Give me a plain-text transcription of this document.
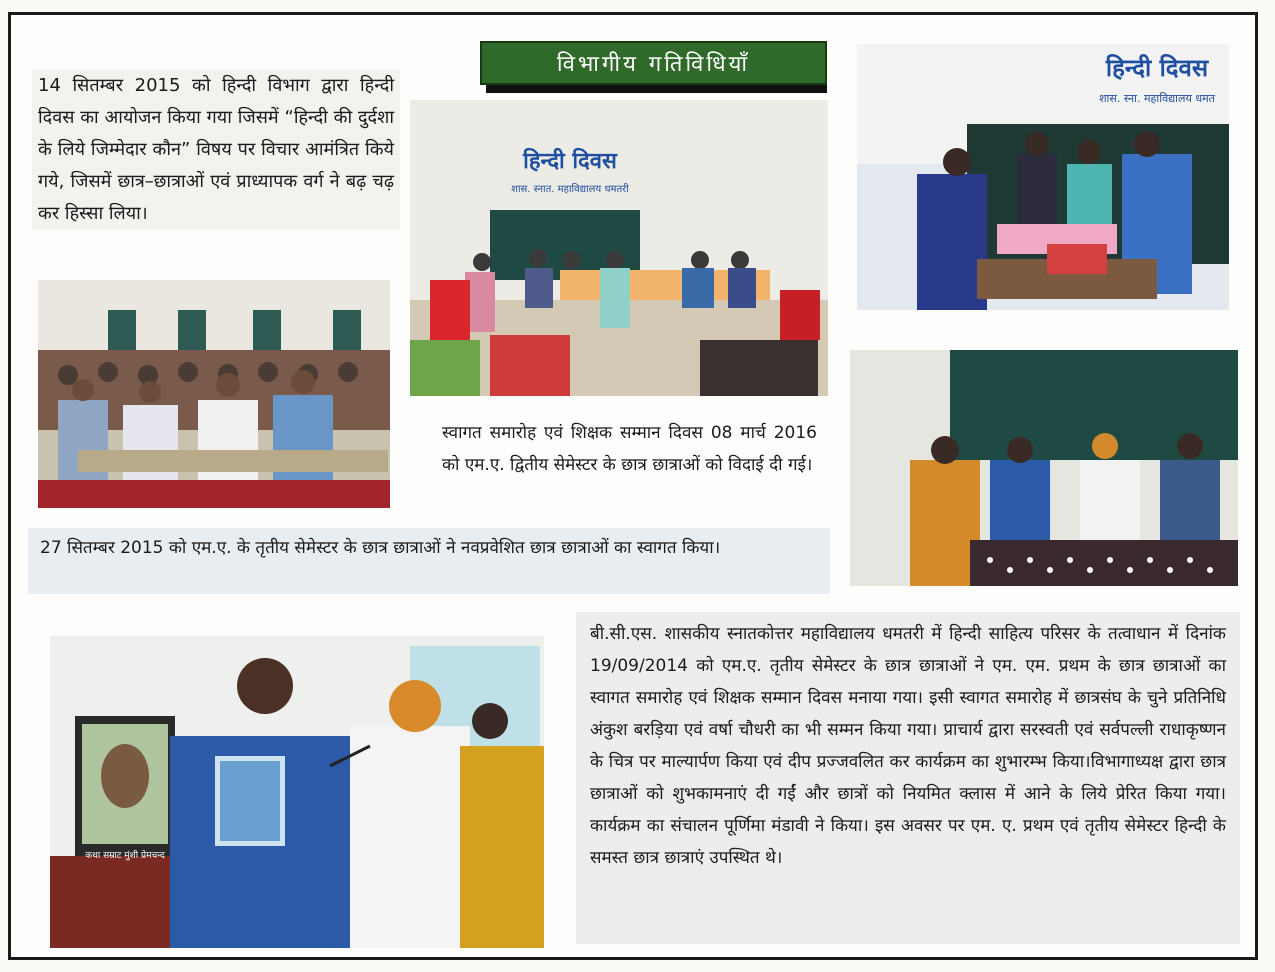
विभागीय गतिविधियाँ
14 सितम्बर 2015 को हिन्दी विभाग द्वारा हिन्दी दिवस का आयोजन किया गया जिसमें “हिन्दी की दुर्दशा के लिये जिम्मेदार कौन” विषय पर विचार आमंत्रित किये गये, जिसमें छात्र–छात्राओं एवं प्राध्यापक वर्ग ने बढ़ चढ़ कर हिस्सा लिया।
हिन्दी दिवस
शास. स्नात. महाविद्यालय धमतरी
स्वागत समारोह एवं शिक्षक सम्मान दिवस 08 मार्च 2016 को एम.ए. द्वितीय सेमेस्टर के छात्र छात्राओं को विदाई दी गई।
हिन्दी दिवस
शास. स्ना. महाविद्यालय धमत
27 सितम्बर 2015 को एम.ए. के तृतीय सेमेस्टर के छात्र छात्राओं ने नवप्रवेशित छात्र छात्राओं का स्वागत किया।
कथा सम्राट मुंशी प्रेमचन्द
बी.सी.एस. शासकीय स्नातकोत्तर महाविद्यालय धमतरी में हिन्दी साहित्य परिसर के तत्वाधान में दिनांक 19/09/2014 को एम.ए. तृतीय सेमेस्टर के छात्र छात्राओं ने एम. एम. प्रथम के छात्र छात्राओं का स्वागत समारोह एवं शिक्षक सम्मान दिवस मनाया गया। इसी स्वागत समारोह में छात्रसंघ के चुने प्रतिनिधि अंकुश बरड़िया एवं वर्षा चौधरी का भी सम्मन किया गया। प्राचार्य द्वारा सरस्वती एवं सर्वपल्ली राधाकृष्णन के चित्र पर माल्यार्पण किया एवं दीप प्रज्जवलित कर कार्यक्रम का शुभारम्भ किया।विभागाध्यक्ष द्वारा छात्र छात्राओं को शुभकामनाएं दी गईं और छात्रों को नियमित क्लास में आने के लिये प्रेरित किया गया। कार्यक्रम का संचालन पूर्णिमा मंडावी ने किया। इस अवसर पर एम. ए. प्रथम एवं तृतीय सेमेस्टर हिन्दी के समस्त छात्र छात्राएं उपस्थित थे।
